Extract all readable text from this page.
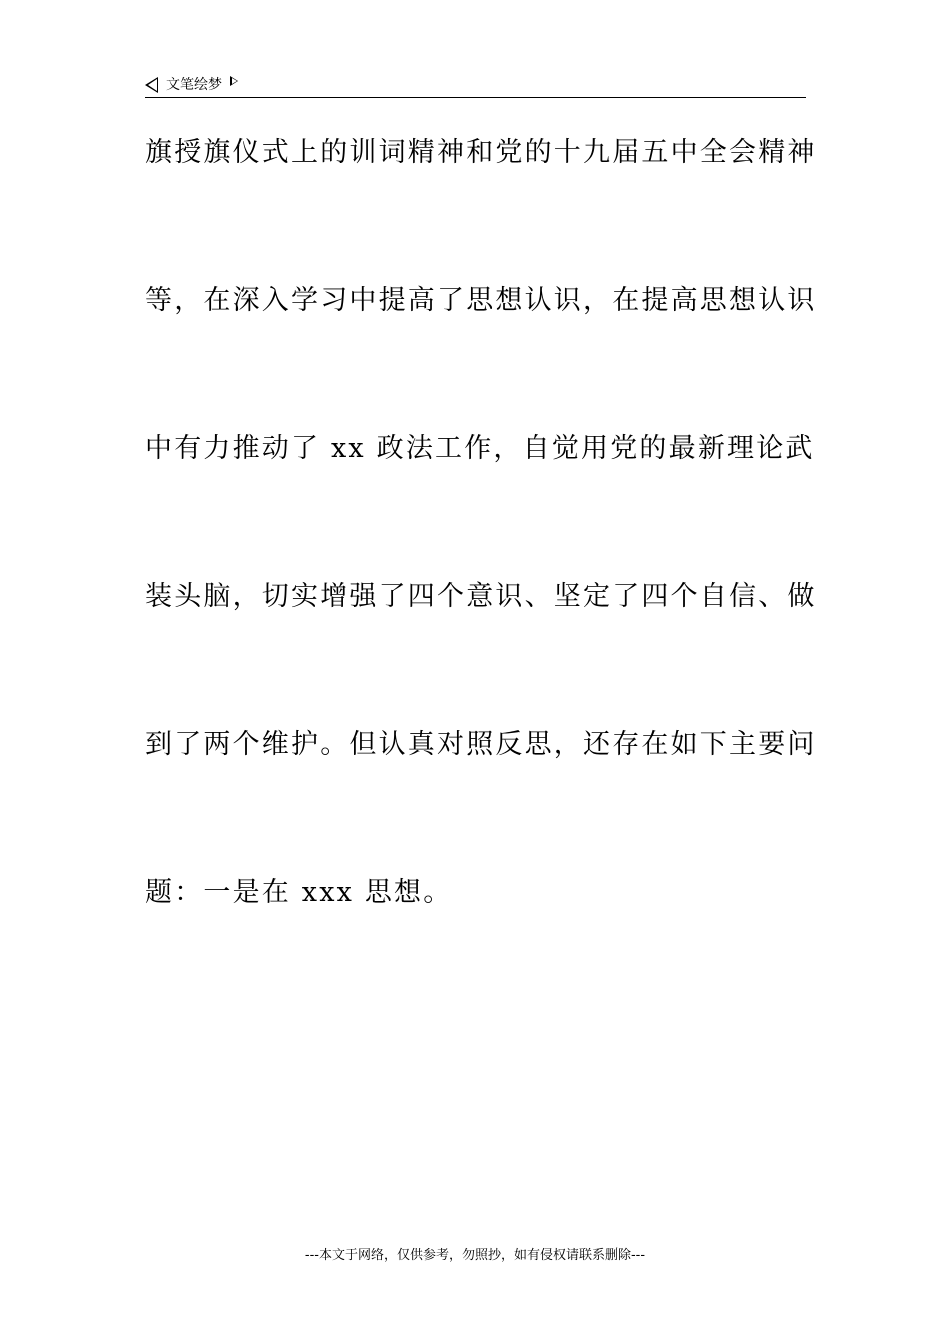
文笔绘梦
旗授旗仪式上的训词精神和党的十九届五中全会精神
等，在深入学习中提高了思想认识，在提高思想认识
中有力推动了 xx 政法工作，自觉用党的最新理论武
装头脑，切实增强了四个意识、坚定了四个自信、做
到了两个维护。但认真对照反思，还存在如下主要问
题：一是在 xxx 思想。
---本文于网络，仅供参考，勿照抄，如有侵权请联系删除---
